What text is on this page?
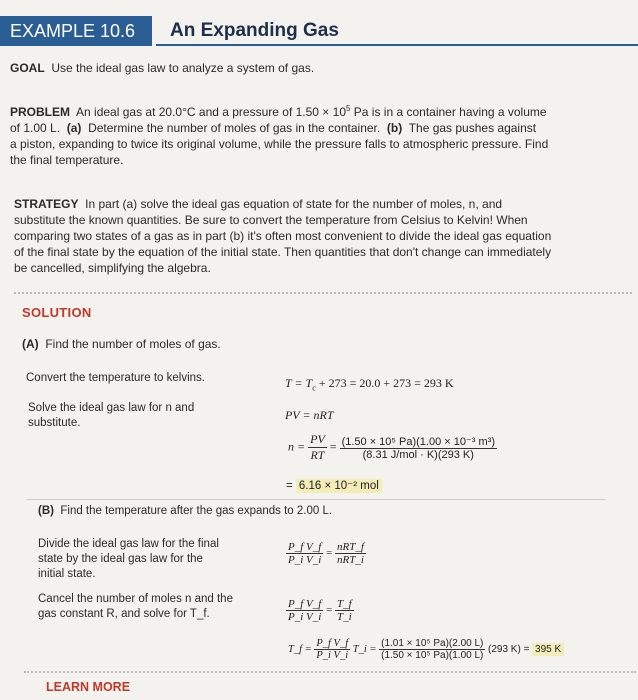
EXAMPLE 10.6	An Expanding Gas
GOAL Use the ideal gas law to analyze a system of gas.
PROBLEM An ideal gas at 20.0°C and a pressure of $1.50 \times 10^5$ Pa is in a container having a volume
of 1.00 L. (a) Determine the number of moles of gas in the container. (b) The gas pushes against
a piston, expanding to twice its original volume, while the pressure falls to atmospheric pressure. Find
the final temperature.
STRATEGY In part (a) solve the ideal gas equation of state for the number of moles, n, and
substitute the known quantities. Be sure to convert the temperature from Celsius to Kelvin! When
comparing two states of a gas as in part (b) it's often most convenient to divide the ideal gas equation
of the final state by the equation of the initial state. Then quantities that don't change can immediately
be cancelled, simplifying the algebra.
SOLUTION
(A) Find the number of moles of gas.
Convert the temperature to kelvins.	$T = T_c + 273 = 20.0 + 273 = 293$ K
Solve the ideal gas law for n and
substitute.
PV = nRT
$n = \frac{PV}{RT} = \frac{\text{(1.50 × 10⁵ Pa)(1.00 × 10⁻³ m³)}}{\text{(8.31 J/mol · K)(293 K)}}$
= 6.16 × 10⁻² mol
(B) Find the temperature after the gas expands to 2.00 L.
Divide the ideal gas law for the final
state by the ideal gas law for the
initial state.
$\frac{\text{P\_f V\_f}}{\text{P\_i V\_i}} = \frac{\text{nRT\_f}}{\text{nRT\_i}}$
Cancel the number of moles n and the
gas constant R, and solve for T_f.	$\frac{\text{P\_f V\_f}}{\text{P\_i V\_i}} = \frac{T\_f}{T\_i}$
T_f = $\frac{\text{P\_f V\_f}}{\text{P\_i V\_i}}$ T_i = $\frac{\text{(1.01 × 10⁵ Pa)(2.00 L)}}{\text{(1.50 × 10⁵ Pa)(1.00 L)}} (293$ K) = 395 K
LEARN MORE
